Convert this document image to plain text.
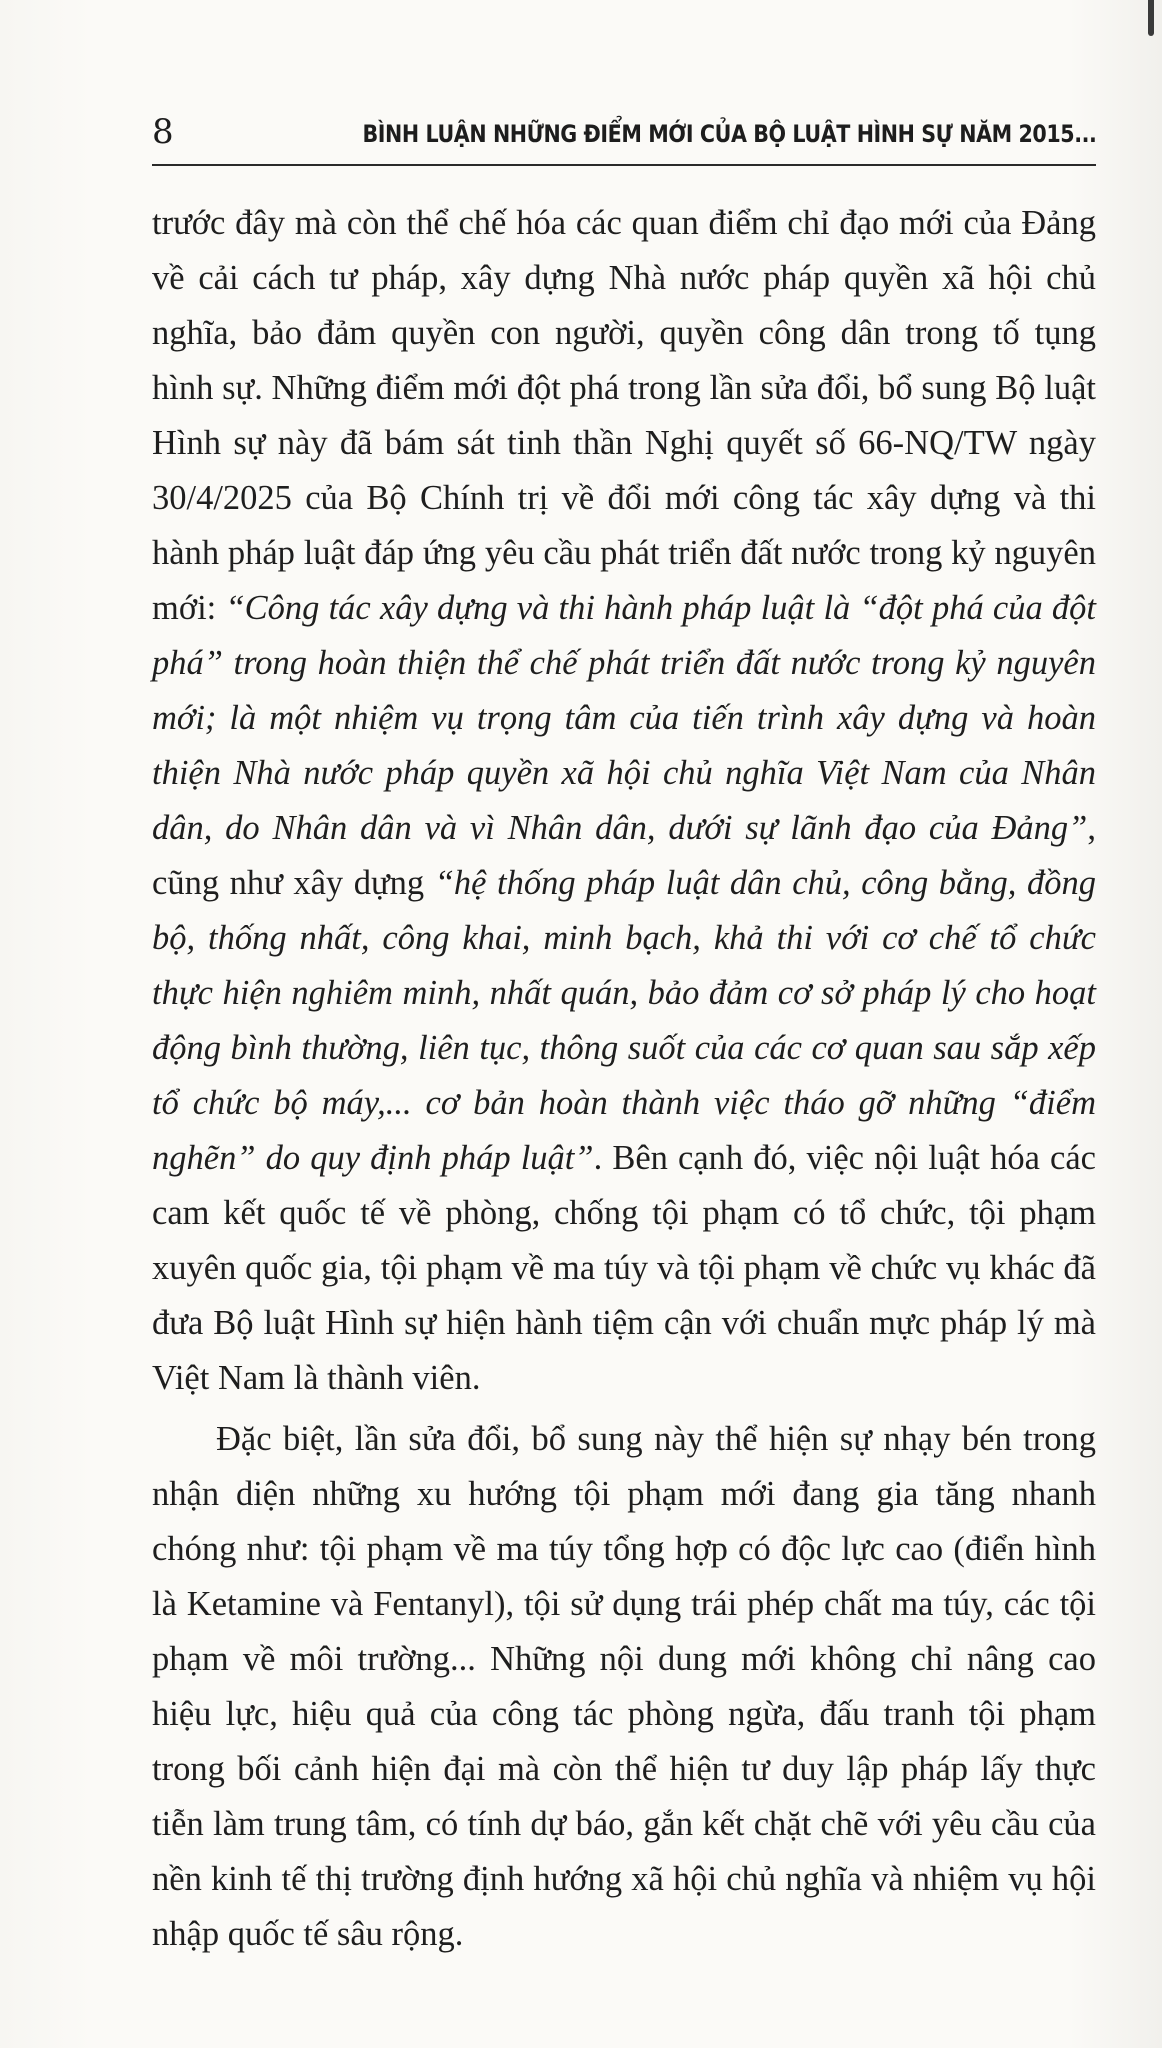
8	BÌNH LUẬN NHỮNG ĐIỂM MỚI CỦA BỘ LUẬT HÌNH SỰ NĂM 2015...

trước đây mà còn thể chế hóa các quan điểm chỉ đạo mới của Đảng về cải cách tư pháp, xây dựng Nhà nước pháp quyền xã hội chủ nghĩa, bảo đảm quyền con người, quyền công dân trong tố tụng hình sự. Những điểm mới đột phá trong lần sửa đổi, bổ sung Bộ luật Hình sự này đã bám sát tinh thần Nghị quyết số 66-NQ/TW ngày 30/4/2025 của Bộ Chính trị về đổi mới công tác xây dựng và thi hành pháp luật đáp ứng yêu cầu phát triển đất nước trong kỷ nguyên mới: “Công tác xây dựng và thi hành pháp luật là “đột phá của đột phá” trong hoàn thiện thể chế phát triển đất nước trong kỷ nguyên mới; là một nhiệm vụ trọng tâm của tiến trình xây dựng và hoàn thiện Nhà nước pháp quyền xã hội chủ nghĩa Việt Nam của Nhân dân, do Nhân dân và vì Nhân dân, dưới sự lãnh đạo của Đảng”, cũng như xây dựng “hệ thống pháp luật dân chủ, công bằng, đồng bộ, thống nhất, công khai, minh bạch, khả thi với cơ chế tổ chức thực hiện nghiêm minh, nhất quán, bảo đảm cơ sở pháp lý cho hoạt động bình thường, liên tục, thông suốt của các cơ quan sau sắp xếp tổ chức bộ máy,... cơ bản hoàn thành việc tháo gỡ những “điểm nghẽn” do quy định pháp luật”. Bên cạnh đó, việc nội luật hóa các cam kết quốc tế về phòng, chống tội phạm có tổ chức, tội phạm xuyên quốc gia, tội phạm về ma túy và tội phạm về chức vụ khác đã đưa Bộ luật Hình sự hiện hành tiệm cận với chuẩn mực pháp lý mà Việt Nam là thành viên.

Đặc biệt, lần sửa đổi, bổ sung này thể hiện sự nhạy bén trong nhận diện những xu hướng tội phạm mới đang gia tăng nhanh chóng như: tội phạm về ma túy tổng hợp có độc lực cao (điển hình là Ketamine và Fentanyl), tội sử dụng trái phép chất ma túy, các tội phạm về môi trường... Những nội dung mới không chỉ nâng cao hiệu lực, hiệu quả của công tác phòng ngừa, đấu tranh tội phạm trong bối cảnh hiện đại mà còn thể hiện tư duy lập pháp lấy thực tiễn làm trung tâm, có tính dự báo, gắn kết chặt chẽ với yêu cầu của nền kinh tế thị trường định hướng xã hội chủ nghĩa và nhiệm vụ hội nhập quốc tế sâu rộng.
